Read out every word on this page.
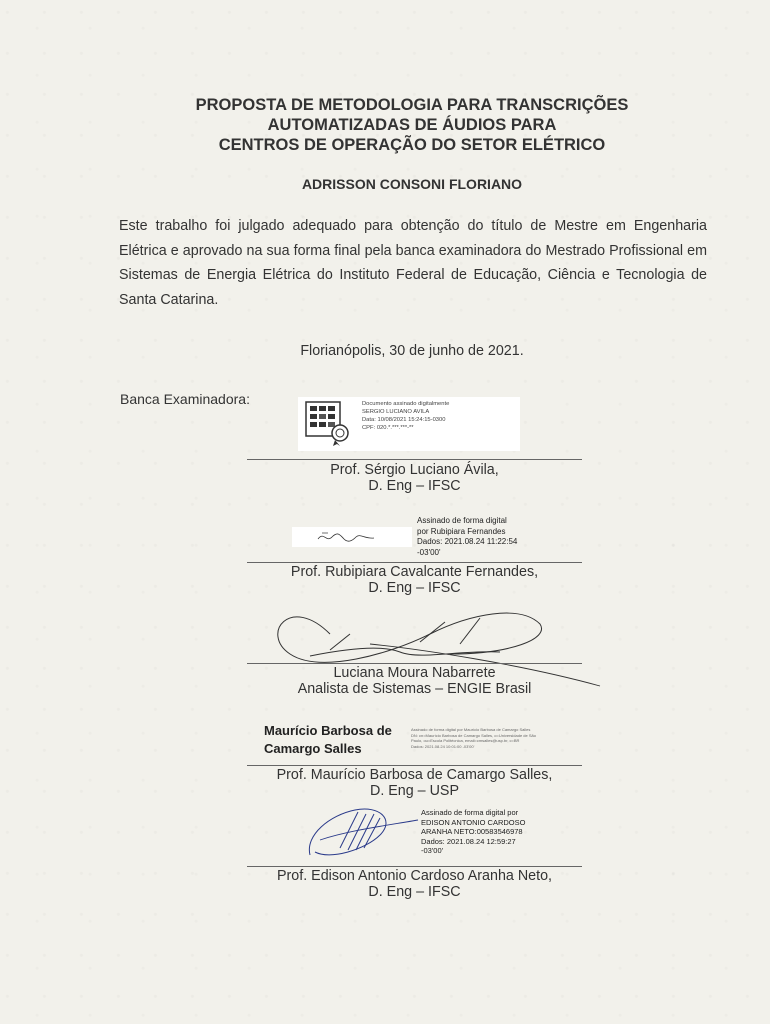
PROPOSTA DE METODOLOGIA PARA TRANSCRIÇÕES
AUTOMATIZADAS DE ÁUDIOS PARA
CENTROS DE OPERAÇÃO DO SETOR ELÉTRICO
ADRISSON CONSONI FLORIANO
Este trabalho foi julgado adequado para obtenção do título de Mestre em Engenharia Elétrica e aprovado na sua forma final pela banca examinadora do Mestrado Profissional em Sistemas de Energia Elétrica do Instituto Federal de Educação, Ciência e Tecnologia de Santa Catarina.
Florianópolis, 30 de junho de 2021.
Banca Examinadora:	Documento assinado digitalmente
SERGIO LUCIANO AVILA
Data: 10/08/2021 15:24:15-0300
CPF: 020.*.***.***-**
Prof. Sérgio Luciano Ávila,
D. Eng – IFSC
Assinado de forma digital
por Rubipiara Fernandes
Dados: 2021.08.24 11:22:54
-03'00'
Prof. Rubipiara Cavalcante Fernandes,
D. Eng – IFSC
Luciana Moura Nabarrete
Analista de Sistemas – ENGIE Brasil
Maurício Barbosa de
Camargo Salles
Assinado de forma digital por Maurício Barbosa de Camargo Salles
DN: cn=Maurício Barbosa de Camargo Salles, o=Universidade de São
Paulo, ou=Escola Politécnica, email=cmsalles@usp.br, c=BR
Dados: 2021.08.24 10:01:00 -03'00'
Prof. Maurício Barbosa de Camargo Salles,
D. Eng – USP
Assinado de forma digital por
EDISON ANTONIO CARDOSO
ARANHA NETO:00583546978
Dados: 2021.08.24 12:59:27
-03'00'
Prof. Edison Antonio Cardoso Aranha Neto,
D. Eng – IFSC
